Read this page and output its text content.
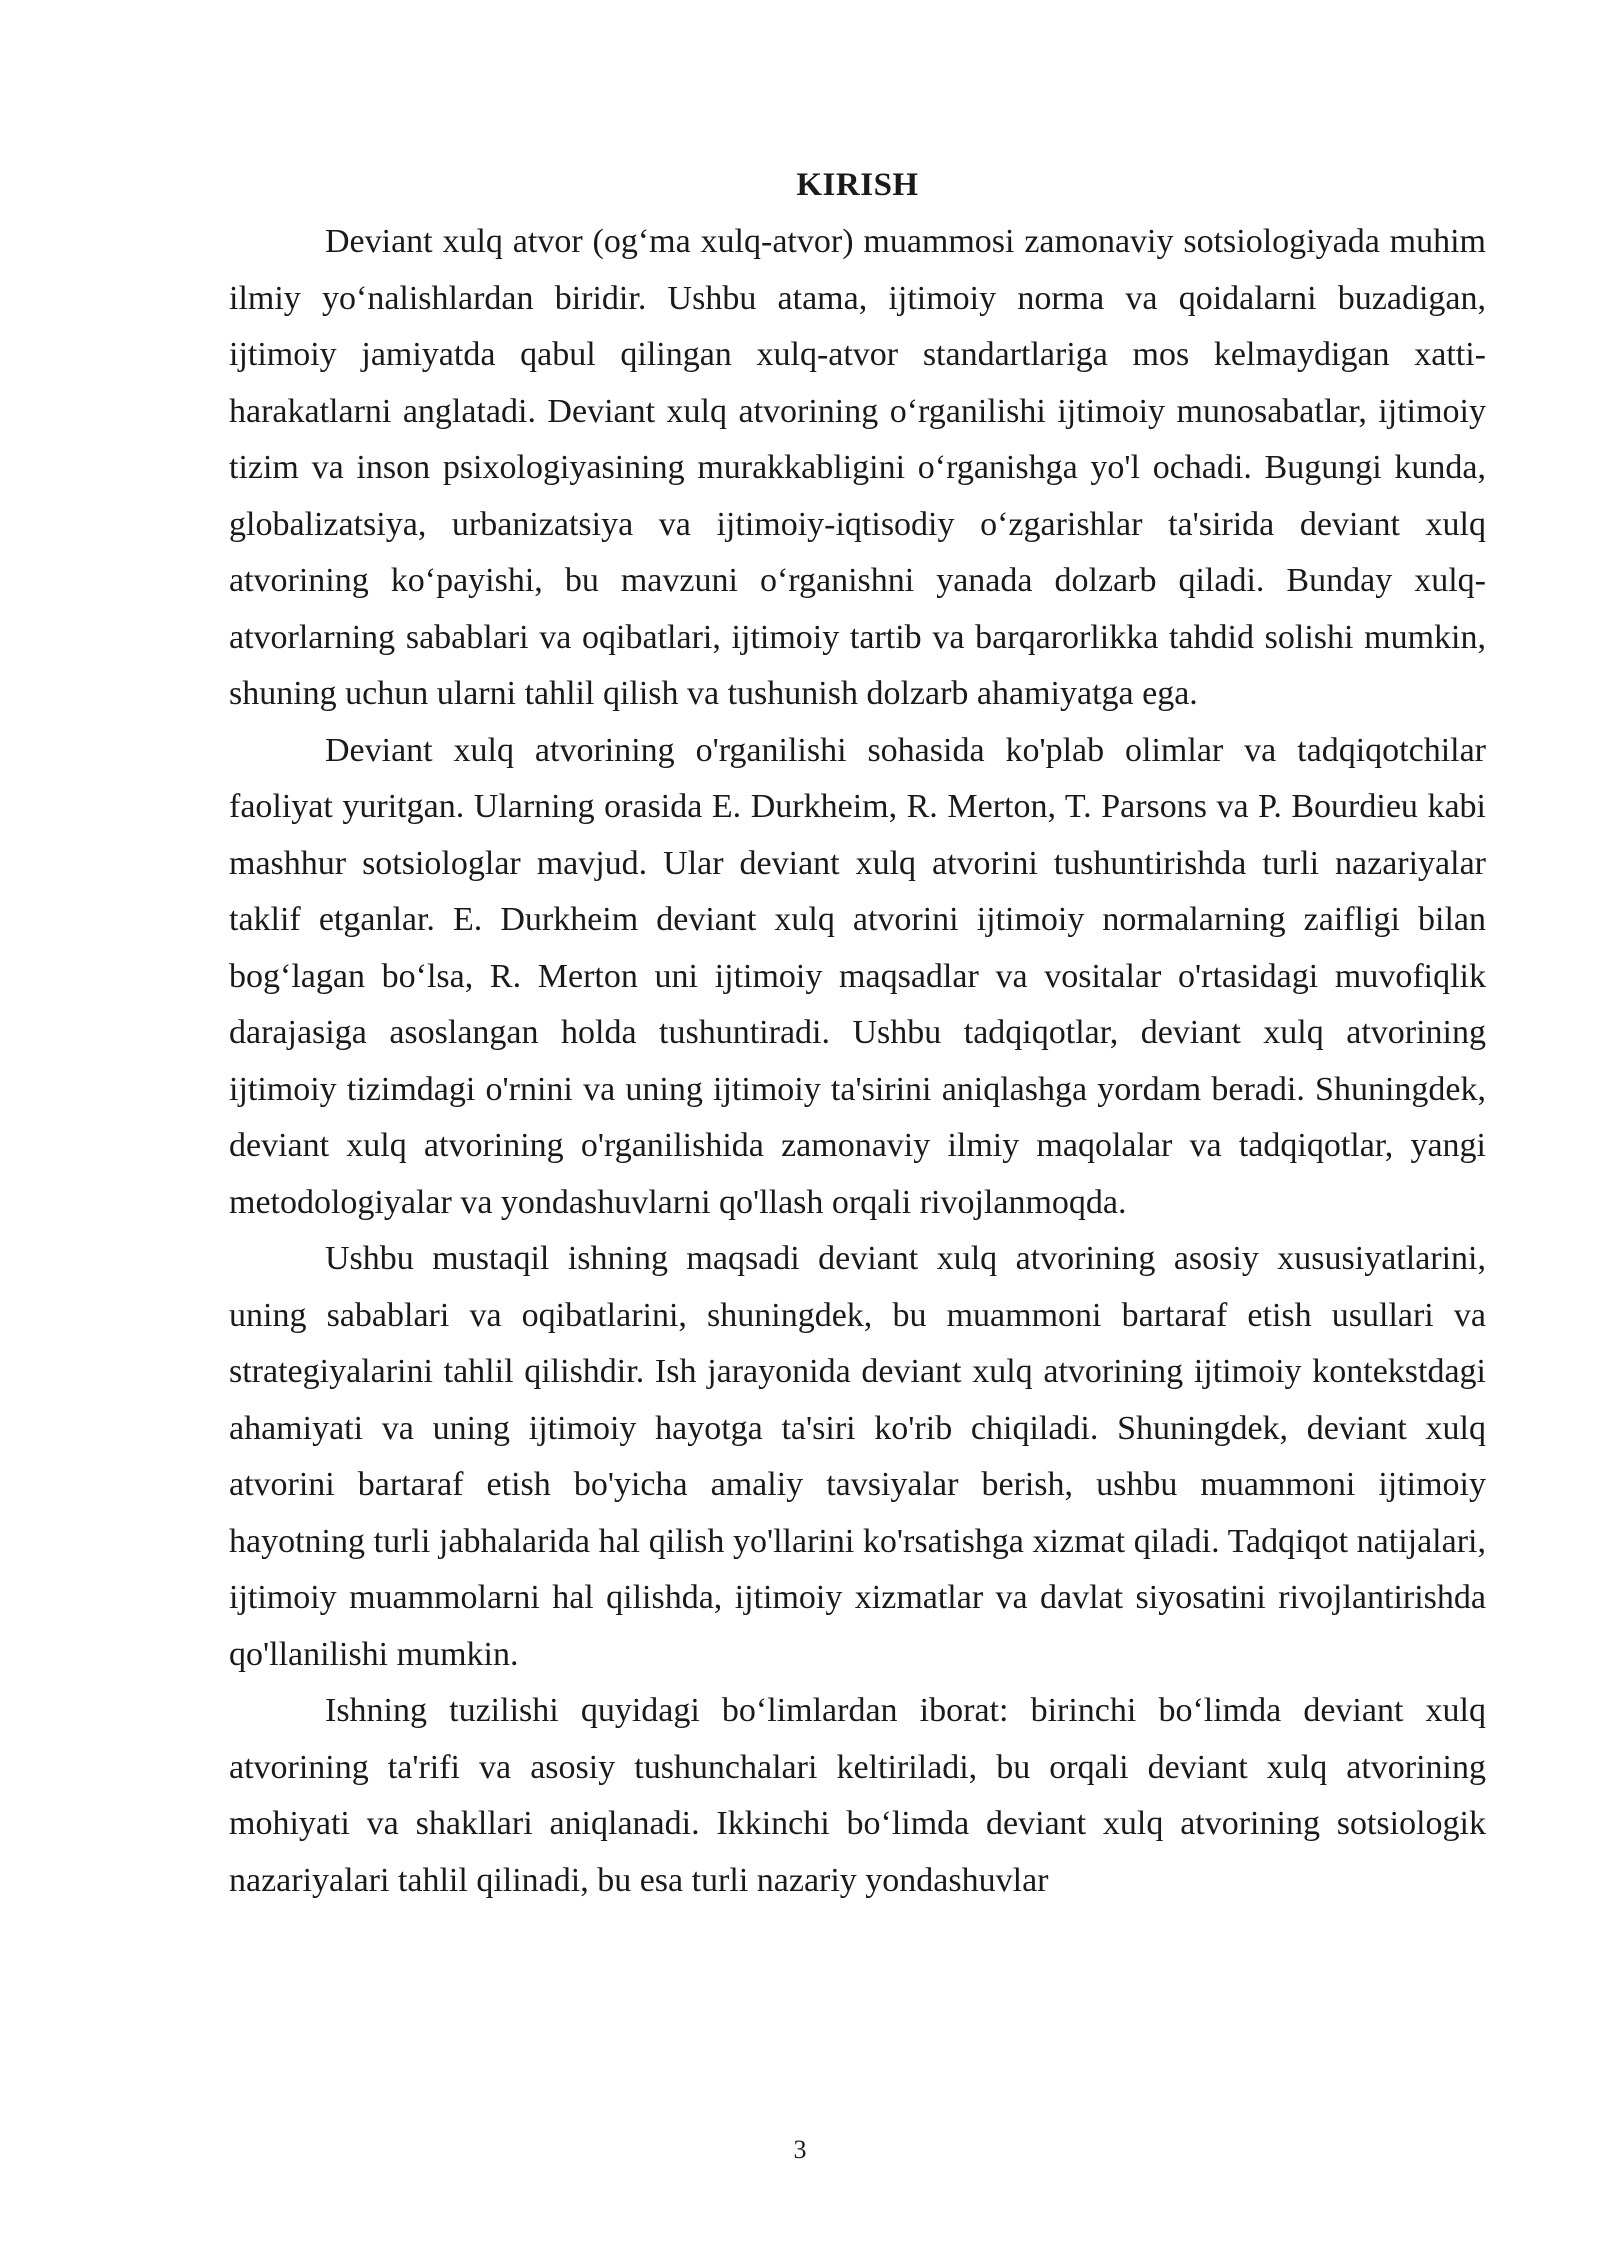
KIRISH

Deviant xulq atvor (og‘ma xulq-atvor) muammosi zamonaviy sotsiologiyada muhim ilmiy yo‘nalishlardan biridir. Ushbu atama, ijtimoiy norma va qoidalarni buzadigan, ijtimoiy jamiyatda qabul qilingan xulq-atvor standartlariga mos kelmaydigan xatti-harakatlarni anglatadi. Deviant xulq atvorining o‘rganilishi ijtimoiy munosabatlar, ijtimoiy tizim va inson psixologiyasining murakkabligini o‘rganishga yo'l ochadi. Bugungi kunda, globalizatsiya, urbanizatsiya va ijtimoiy-iqtisodiy o‘zgarishlar ta'sirida deviant xulq atvorining ko‘payishi, bu mavzuni o‘rganishni yanada dolzarb qiladi. Bunday xulq-atvorlarning sabablari va oqibatlari, ijtimoiy tartib va barqarorlikka tahdid solishi mumkin, shuning uchun ularni tahlil qilish va tushunish dolzarb ahamiyatga ega.

Deviant xulq atvorining o'rganilishi sohasida ko'plab olimlar va tadqiqotchilar faoliyat yuritgan. Ularning orasida E. Durkheim, R. Merton, T. Parsons va P. Bourdieu kabi mashhur sotsiologlar mavjud. Ular deviant xulq atvorini tushuntirishda turli nazariyalar taklif etganlar. E. Durkheim deviant xulq atvorini ijtimoiy normalarning zaifligi bilan bog‘lagan bo‘lsa, R. Merton uni ijtimoiy maqsadlar va vositalar o'rtasidagi muvofiqlik darajasiga asoslangan holda tushuntiradi. Ushbu tadqiqotlar, deviant xulq atvorining ijtimoiy tizimdagi o'rnini va uning ijtimoiy ta'sirini aniqlashga yordam beradi. Shuningdek, deviant xulq atvorining o'rganilishida zamonaviy ilmiy maqolalar va tadqiqotlar, yangi metodologiyalar va yondashuvlarni qo'llash orqali rivojlanmoqda.

Ushbu mustaqil ishning maqsadi deviant xulq atvorining asosiy xususiyatlarini, uning sabablari va oqibatlarini, shuningdek, bu muammoni bartaraf etish usullari va strategiyalarini tahlil qilishdir. Ish jarayonida deviant xulq atvorining ijtimoiy kontekstdagi ahamiyati va uning ijtimoiy hayotga ta'siri ko'rib chiqiladi. Shuningdek, deviant xulq atvorini bartaraf etish bo'yicha amaliy tavsiyalar berish, ushbu muammoni ijtimoiy hayotning turli jabhalarida hal qilish yo'llarini ko'rsatishga xizmat qiladi. Tadqiqot natijalari, ijtimoiy muammolarni hal qilishda, ijtimoiy xizmatlar va davlat siyosatini rivojlantirishda qo'llanilishi mumkin.

Ishning tuzilishi quyidagi bo‘limlardan iborat: birinchi bo‘limda deviant xulq atvorining ta'rifi va asosiy tushunchalari keltiriladi, bu orqali deviant xulq atvorining mohiyati va shakllari aniqlanadi. Ikkinchi bo‘limda deviant xulq atvorining sotsiologik nazariyalari tahlil qilinadi, bu esa turli nazariy yondashuvlar

3
